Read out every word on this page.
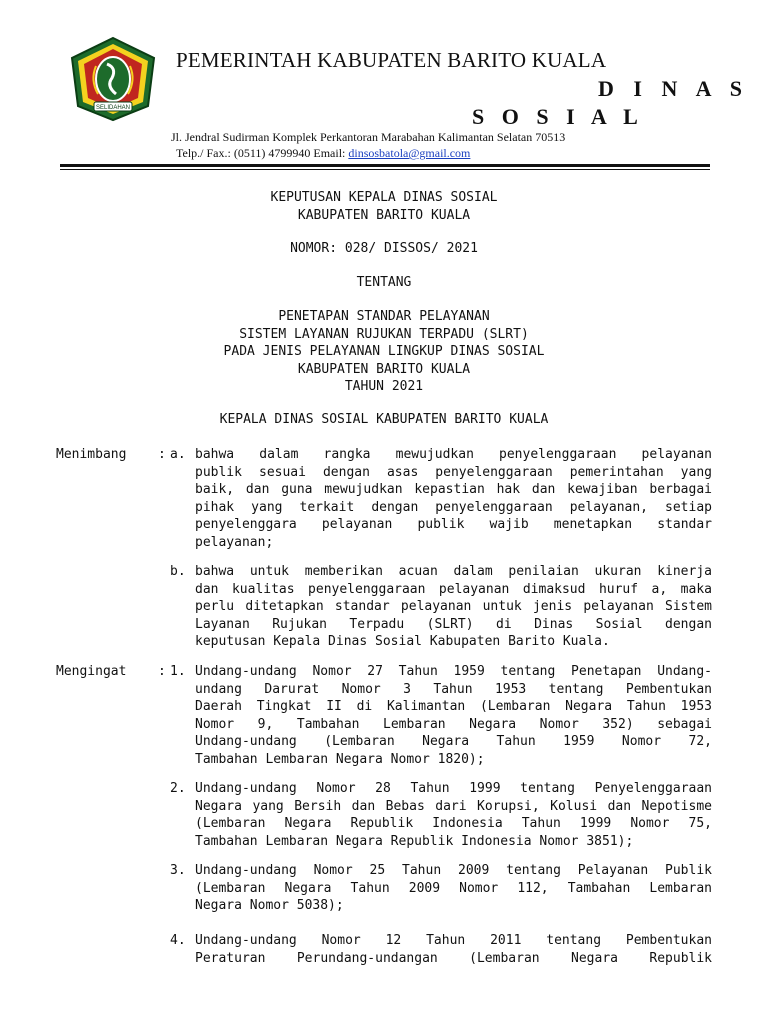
SELIDAHAN
PEMERINTAH KABUPATEN BARITO KUALA
D I N A S
S O S I A L
Jl. Jendral Sudirman Komplek Perkantoran Marabahan Kalimantan Selatan 70513
Telp./ Fax.: (0511) 4799940 Email: dinsosbatola@gmail.com
KEPUTUSAN KEPALA DINAS SOSIAL
KABUPATEN BARITO KUALA
NOMOR: 028/ DISSOS/ 2021
TENTANG
PENETAPAN STANDAR PELAYANAN
SISTEM LAYANAN RUJUKAN TERPADU (SLRT)
PADA JENIS PELAYANAN LINGKUP DINAS SOSIAL
KABUPATEN BARITO KUALA
TAHUN 2021
KEPALA DINAS SOSIAL KABUPATEN BARITO KUALA
Menimbang : a. bahwa dalam rangka mewujudkan penyelenggaraan pelayanan
publik sesuai dengan asas penyelenggaraan pemerintahan yang
baik, dan guna mewujudkan kepastian hak dan kewajiban berbagai
pihak yang terkait dengan penyelenggaraan pelayanan, setiap
penyelenggara pelayanan publik wajib menetapkan standar
pelayanan;
b. bahwa untuk memberikan acuan dalam penilaian ukuran kinerja
dan kualitas penyelenggaraan pelayanan dimaksud huruf a, maka
perlu ditetapkan standar pelayanan untuk jenis pelayanan Sistem
Layanan Rujukan Terpadu (SLRT) di Dinas Sosial dengan
keputusan Kepala Dinas Sosial Kabupaten Barito Kuala.
Mengingat : 1. Undang-undang Nomor 27 Tahun 1959 tentang Penetapan Undang-
undang Darurat Nomor 3 Tahun 1953 tentang Pembentukan
Daerah Tingkat II di Kalimantan (Lembaran Negara Tahun 1953
Nomor 9, Tambahan Lembaran Negara Nomor 352) sebagai
Undang-undang (Lembaran Negara Tahun 1959 Nomor 72,
Tambahan Lembaran Negara Nomor 1820);
2. Undang-undang Nomor 28 Tahun 1999 tentang Penyelenggaraan
Negara yang Bersih dan Bebas dari Korupsi, Kolusi dan Nepotisme
(Lembaran Negara Republik Indonesia Tahun 1999 Nomor 75,
Tambahan Lembaran Negara Republik Indonesia Nomor 3851);
3. Undang-undang Nomor 25 Tahun 2009 tentang Pelayanan Publik
(Lembaran Negara Tahun 2009 Nomor 112, Tambahan Lembaran
Negara Nomor 5038);
4. Undang-undang Nomor 12 Tahun 2011 tentang Pembentukan
Peraturan Perundang-undangan (Lembaran Negara Republik
